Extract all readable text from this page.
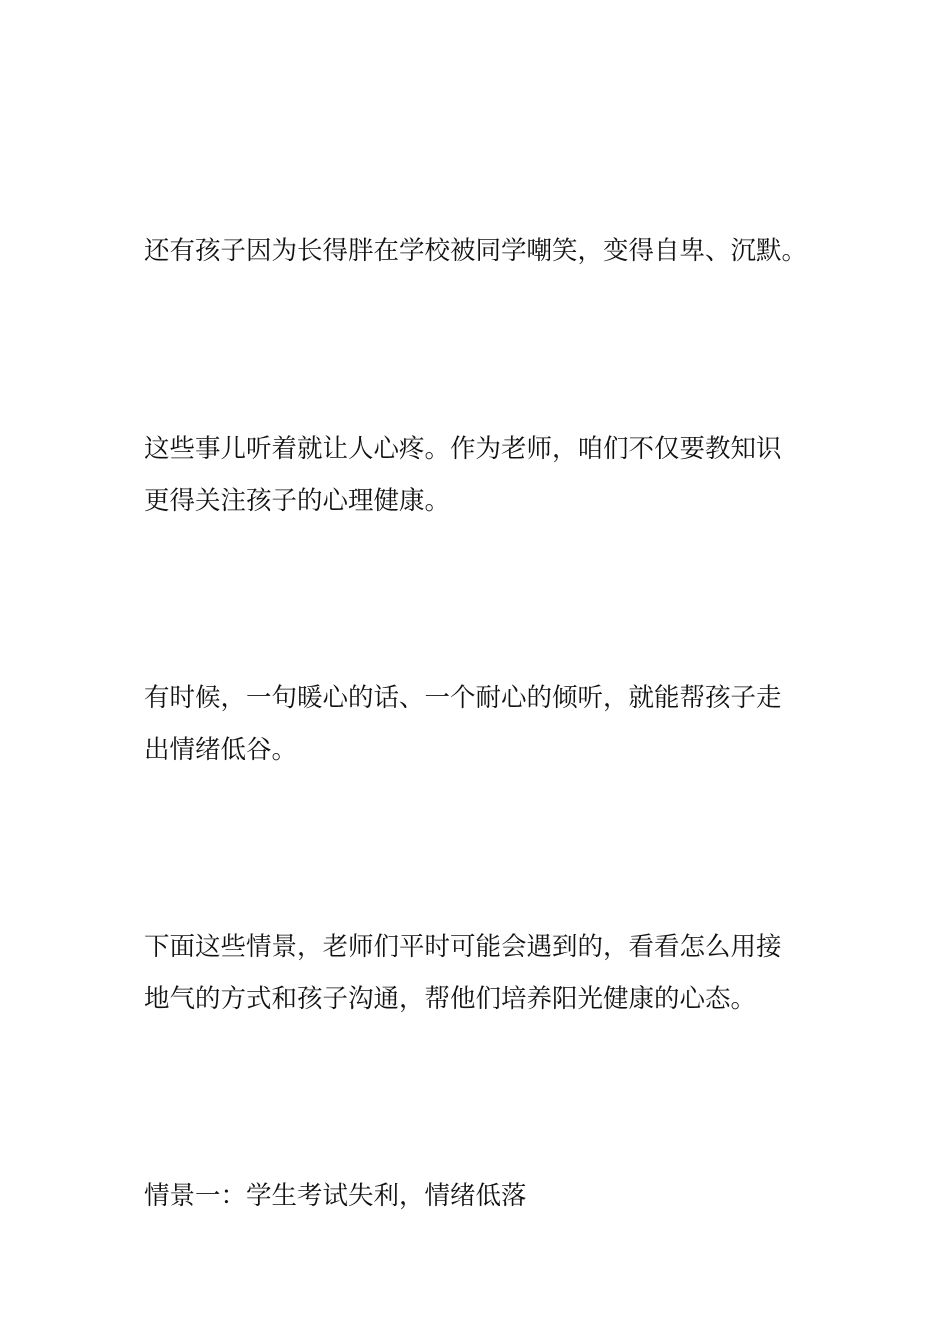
还有孩子因为长得胖在学校被同学嘲笑，变得自卑、沉默。

这些事儿听着就让人心疼。作为老师，咱们不仅要教知识
更得关注孩子的心理健康。

有时候，一句暖心的话、一个耐心的倾听，就能帮孩子走
出情绪低谷。

下面这些情景，老师们平时可能会遇到的，看看怎么用接
地气的方式和孩子沟通，帮他们培养阳光健康的心态。

情景一：学生考试失利，情绪低落
